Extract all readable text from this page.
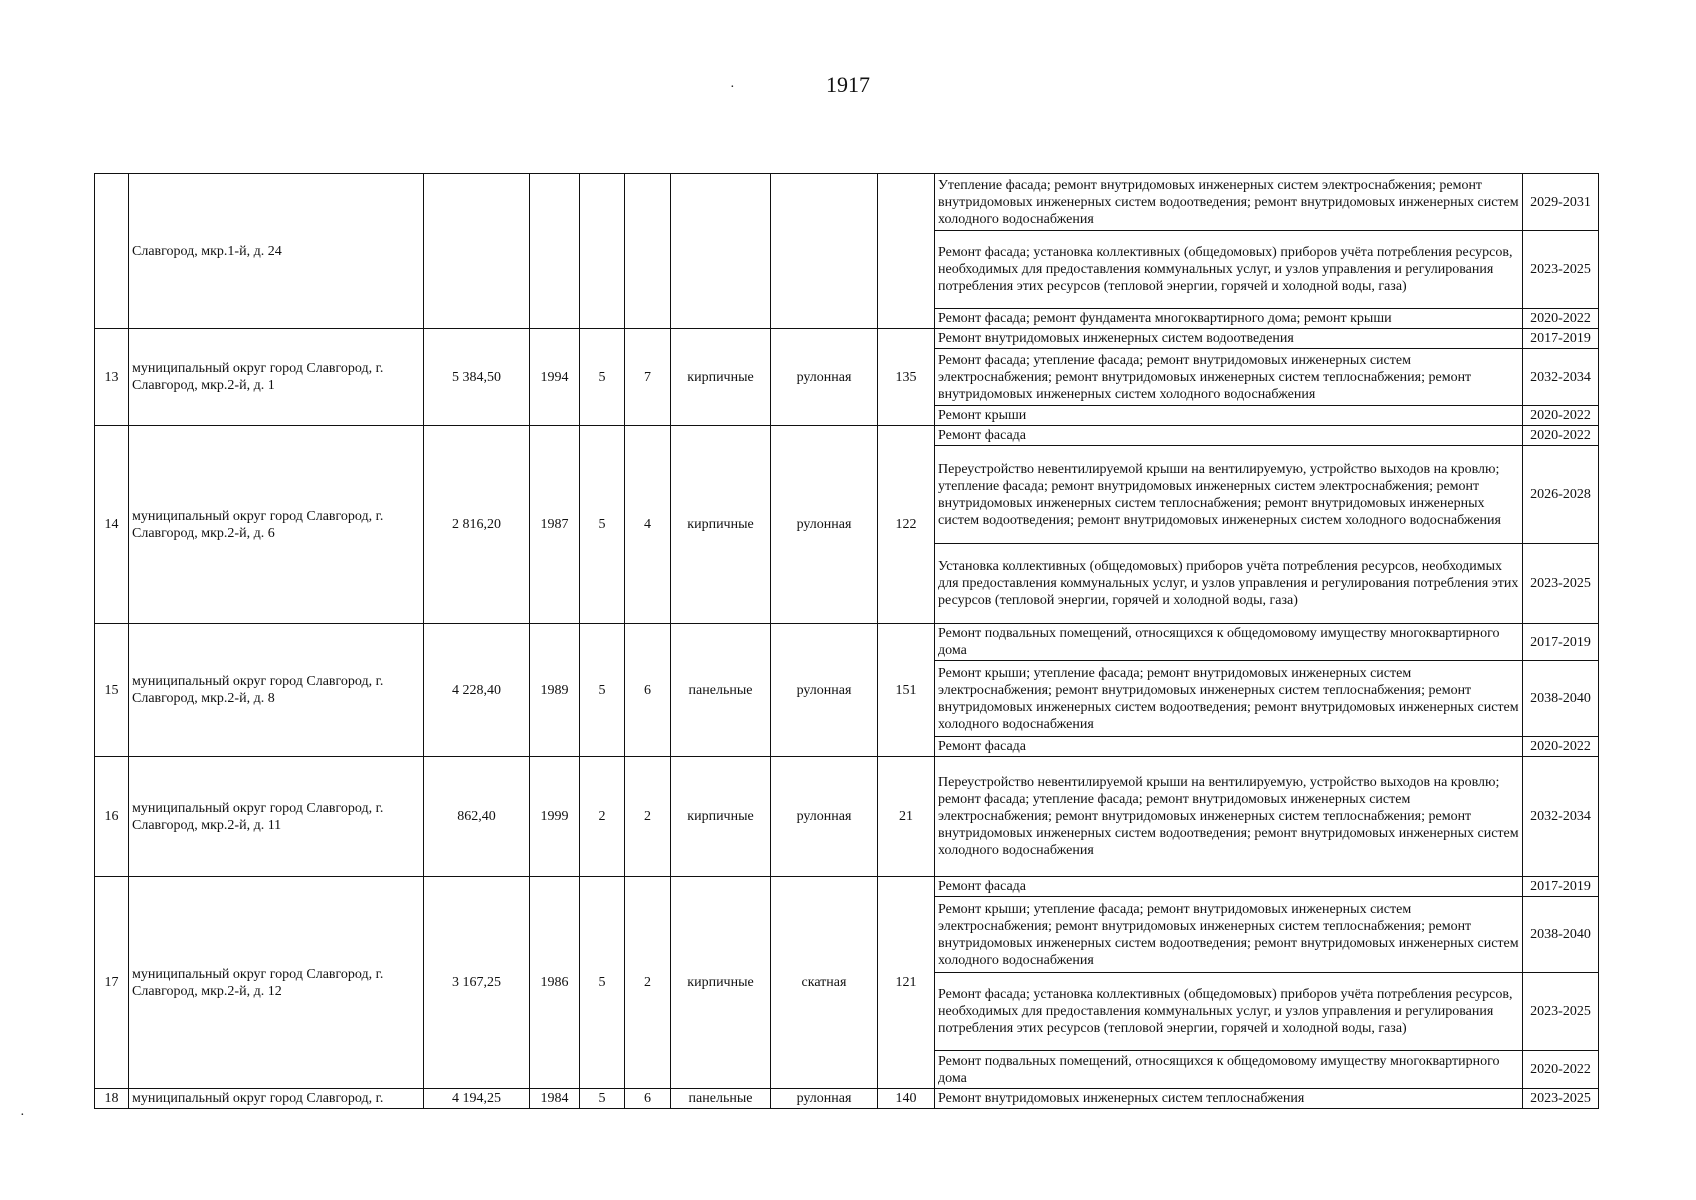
1917
·
·
	Славгород, мкр.1-й, д. 24								Утепление фасада; ремонт внутридомовых инженерных систем электроснабжения; ремонт внутридомовых инженерных систем водоотведения; ремонт внутридомовых инженерных систем холодного водоснабжения	2029-2031
									Ремонт фасада; установка коллективных (общедомовых) приборов учёта потребления ресурсов, необходимых для предоставления коммунальных услуг, и узлов управления и регулирования потребления этих ресурсов (тепловой энергии, горячей и холодной воды, газа)	2023-2025
									Ремонт фасада; ремонт фундамента многоквартирного дома; ремонт крыши	2020-2022
13	муниципальный округ город Славгород, г. Славгород, мкр.2-й, д. 1	5 384,50	1994	5	7	кирпичные	рулонная	135	Ремонт внутридомовых инженерных систем водоотведения	2017-2019
									Ремонт фасада; утепление фасада; ремонт внутридомовых инженерных систем электроснабжения; ремонт внутридомовых инженерных систем теплоснабжения; ремонт внутридомовых инженерных систем холодного водоснабжения	2032-2034
									Ремонт крыши	2020-2022
14	муниципальный округ город Славгород, г. Славгород, мкр.2-й, д. 6	2 816,20	1987	5	4	кирпичные	рулонная	122	Ремонт фасада	2020-2022
									Переустройство невентилируемой крыши на вентилируемую, устройство выходов на кровлю; утепление фасада; ремонт внутридомовых инженерных систем электроснабжения; ремонт внутридомовых инженерных систем теплоснабжения; ремонт внутридомовых инженерных систем водоотведения; ремонт внутридомовых инженерных систем холодного водоснабжения	2026-2028
									Установка коллективных (общедомовых) приборов учёта потребления ресурсов, необходимых для предоставления коммунальных услуг, и узлов управления и регулирования потребления этих ресурсов (тепловой энергии, горячей и холодной воды, газа)	2023-2025
15	муниципальный округ город Славгород, г. Славгород, мкр.2-й, д. 8	4 228,40	1989	5	6	панельные	рулонная	151	Ремонт подвальных помещений, относящихся к общедомовому имуществу многоквартирного дома	2017-2019
									Ремонт крыши; утепление фасада; ремонт внутридомовых инженерных систем электроснабжения; ремонт внутридомовых инженерных систем теплоснабжения; ремонт внутридомовых инженерных систем водоотведения; ремонт внутридомовых инженерных систем холодного водоснабжения	2038-2040
									Ремонт фасада	2020-2022
16	муниципальный округ город Славгород, г. Славгород, мкр.2-й, д. 11	862,40	1999	2	2	кирпичные	рулонная	21	Переустройство невентилируемой крыши на вентилируемую, устройство выходов на кровлю; ремонт фасада; утепление фасада; ремонт внутридомовых инженерных систем электроснабжения; ремонт внутридомовых инженерных систем теплоснабжения; ремонт внутридомовых инженерных систем водоотведения; ремонт внутридомовых инженерных систем холодного водоснабжения	2032-2034
17	муниципальный округ город Славгород, г. Славгород, мкр.2-й, д. 12	3 167,25	1986	5	2	кирпичные	скатная	121	Ремонт фасада	2017-2019
									Ремонт крыши; утепление фасада; ремонт внутридомовых инженерных систем электроснабжения; ремонт внутридомовых инженерных систем теплоснабжения; ремонт внутридомовых инженерных систем водоотведения; ремонт внутридомовых инженерных систем холодного водоснабжения	2038-2040
									Ремонт фасада; установка коллективных (общедомовых) приборов учёта потребления ресурсов, необходимых для предоставления коммунальных услуг, и узлов управления и регулирования потребления этих ресурсов (тепловой энергии, горячей и холодной воды, газа)	2023-2025
									Ремонт подвальных помещений, относящихся к общедомовому имуществу многоквартирного дома	2020-2022
18	муниципальный округ город Славгород, г.	4 194,25	1984	5	6	панельные	рулонная	140	Ремонт внутридомовых инженерных систем теплоснабжения	2023-2025
